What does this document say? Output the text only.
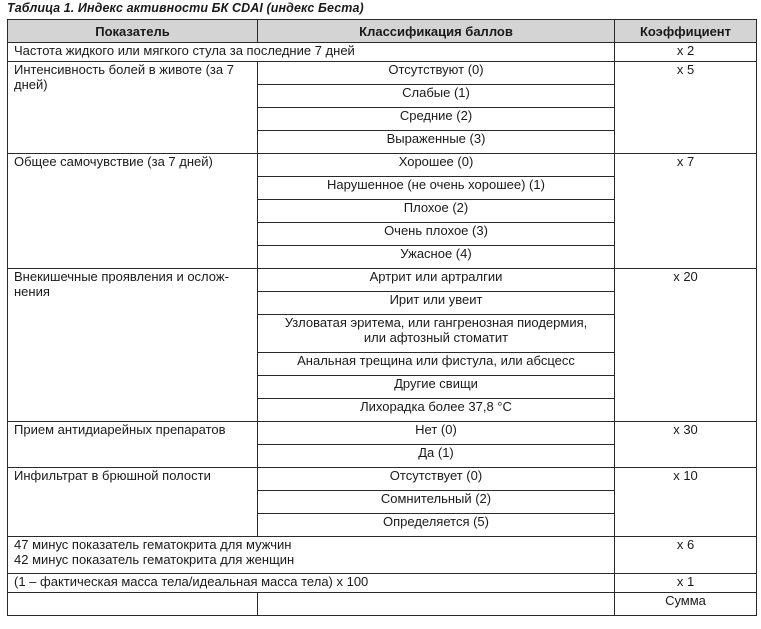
Таблица 1. Индекс активности БК CDAI (индекс Беста)
Показатель	Классификация баллов	Коэффициент
Частота жидкого или мягкого стула за последние 7 дней		x 2
Интенсивность болей в животе (за 7 дней)	Отсутствуют (0)	x 5
	Слабые (1)	
	Средние (2)	
	Выраженные (3)	
Общее самочувствие (за 7 дней)	Хорошее (0)	x 7
	Нарушенное (не очень хорошее) (1)	
	Плохое (2)	
	Очень плохое (3)	
	Ужасное (4)	

Внекишечные проявления и ослож-
нения	Артрит или артралгии	x 20
	Ирит или увеит	

	Узловатая эритема, или гангренозная пиодермия,
или афтозный стоматит	

	Анальная трещина или фистула, или абсцесс	
	Другие свищи	
	Лихорадка более 37,8 °С	
Прием антидиарейных препаратов	Нет (0)	x 30
	Да (1)	
Инфильтрат в брюшной полости	Отсутствует (0)	x 10
	Сомнительный (2)	
	Определяется (5)	

47 минус показатель гематокрита для мужчин
42 минус показатель гематокрита для женщин		x 6
(1 – фактическая масса тела/идеальная масса тела) x 100		x 1
		Сумма
